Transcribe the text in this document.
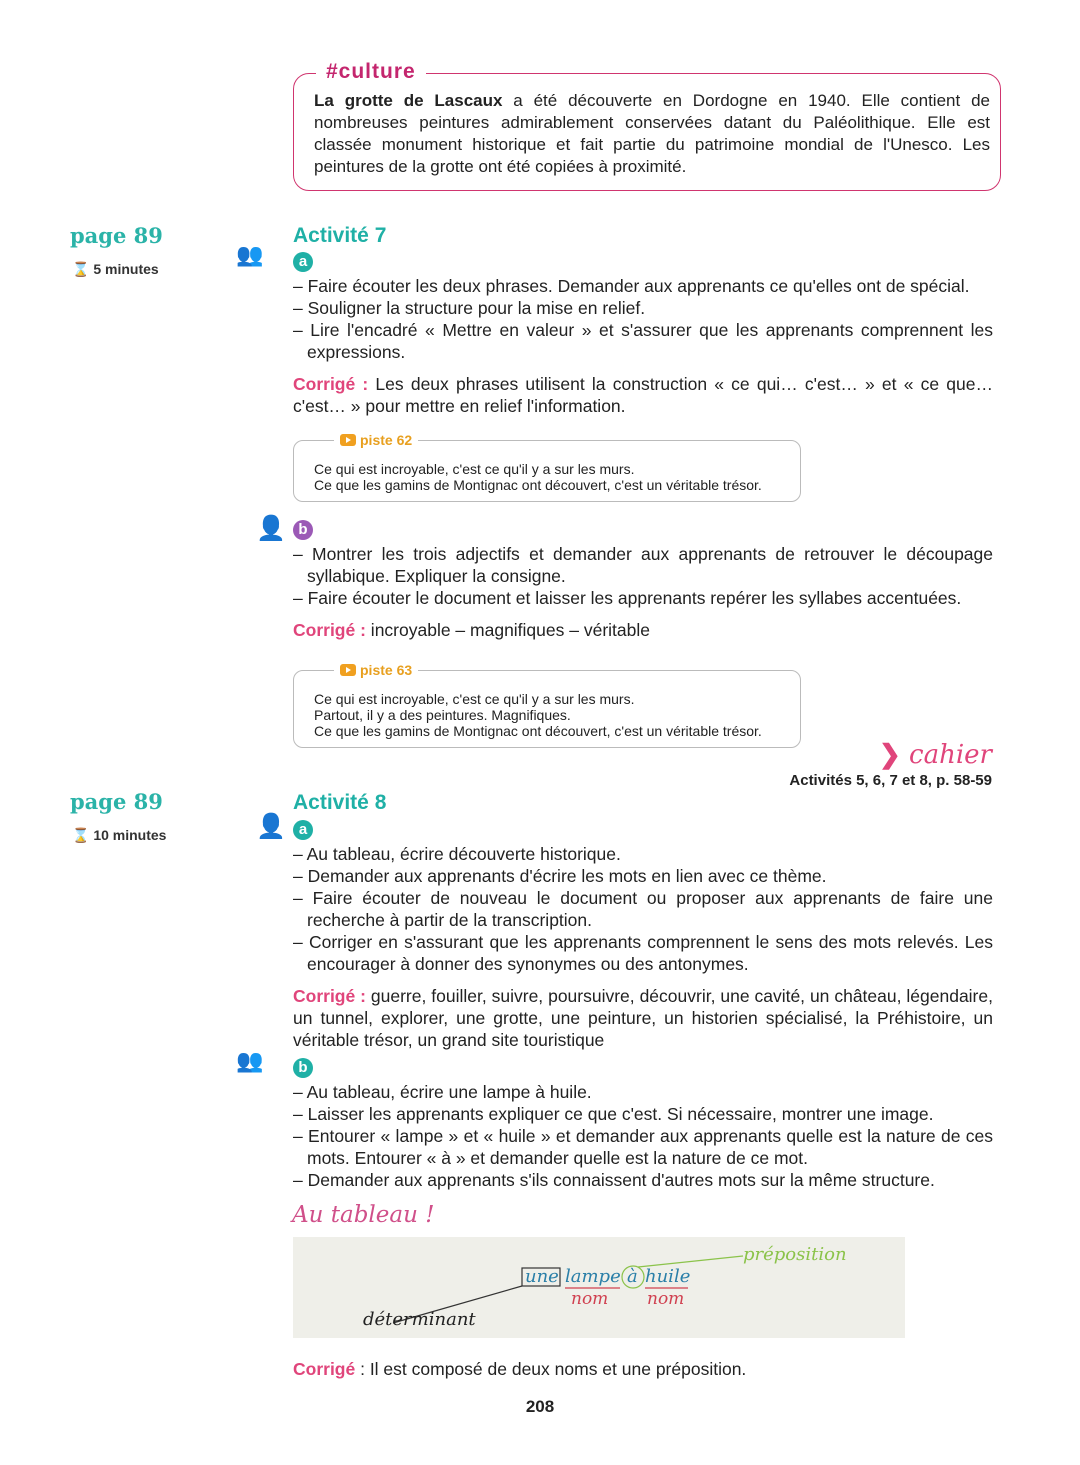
#culture
La grotte de Lascaux a été découverte en Dordogne en 1940. Elle contient de nombreuses peintures admirablement conservées datant du Paléolithique. Elle est classée monument historique et fait partie du patrimoine mondial de l'Unesco. Les peintures de la grotte ont été copiées à proximité.
page 89
⌛ 5 minutes
Activité 7
👥	a
– Faire écouter les deux phrases. Demander aux apprenants ce qu'elles ont de spécial.
– Souligner la structure pour la mise en relief.
– Lire l'encadré « Mettre en valeur » et s'assurer que les apprenants comprennent les expressions.
Corrigé : Les deux phrases utilisent la construction « ce qui… c'est… » et « ce que… c'est… » pour mettre en relief l'information.
piste 62
Ce qui est incroyable, c'est ce qu'il y a sur les murs.
Ce que les gamins de Montignac ont découvert, c'est un véritable trésor.
👤 b
– Montrer les trois adjectifs et demander aux apprenants de retrouver le découpage syllabique. Expliquer la consigne.
– Faire écouter le document et laisser les apprenants repérer les syllabes accentuées.
Corrigé : incroyable – magnifiques – véritable
piste 63
Ce qui est incroyable, c'est ce qu'il y a sur les murs.
Partout, il y a des peintures. Magnifiques.
Ce que les gamins de Montignac ont découvert, c'est un véritable trésor.
❯ cahier
Activités 5, 6, 7 et 8, p. 58-59
page 89
⌛ 10 minutes
Activité 8
👤 a
– Au tableau, écrire découverte historique.
– Demander aux apprenants d'écrire les mots en lien avec ce thème.
– Faire écouter de nouveau le document ou proposer aux apprenants de faire une recherche à partir de la transcription.
– Corriger en s'assurant que les apprenants comprennent le sens des mots relevés. Les encourager à donner des synonymes ou des antonymes.
Corrigé : guerre, fouiller, suivre, poursuivre, découvrir, une cavité, un château, légendaire, un tunnel, explorer, une grotte, une peinture, un historien spécialisé, la Préhistoire, un véritable trésor, un grand site touristique
👥	b
– Au tableau, écrire une lampe à huile.
– Laisser les apprenants expliquer ce que c'est. Si nécessaire, montrer une image.
– Entourer « lampe » et « huile » et demander aux apprenants quelle est la nature de ces mots. Entourer « à » et demander quelle est la nature de ce mot.
– Demander aux apprenants s'ils connaissent d'autres mots sur la même structure.
Au tableau !
une lampe à huile
nom nom
préposition
déterminant
Corrigé : Il est composé de deux noms et une préposition.
208
